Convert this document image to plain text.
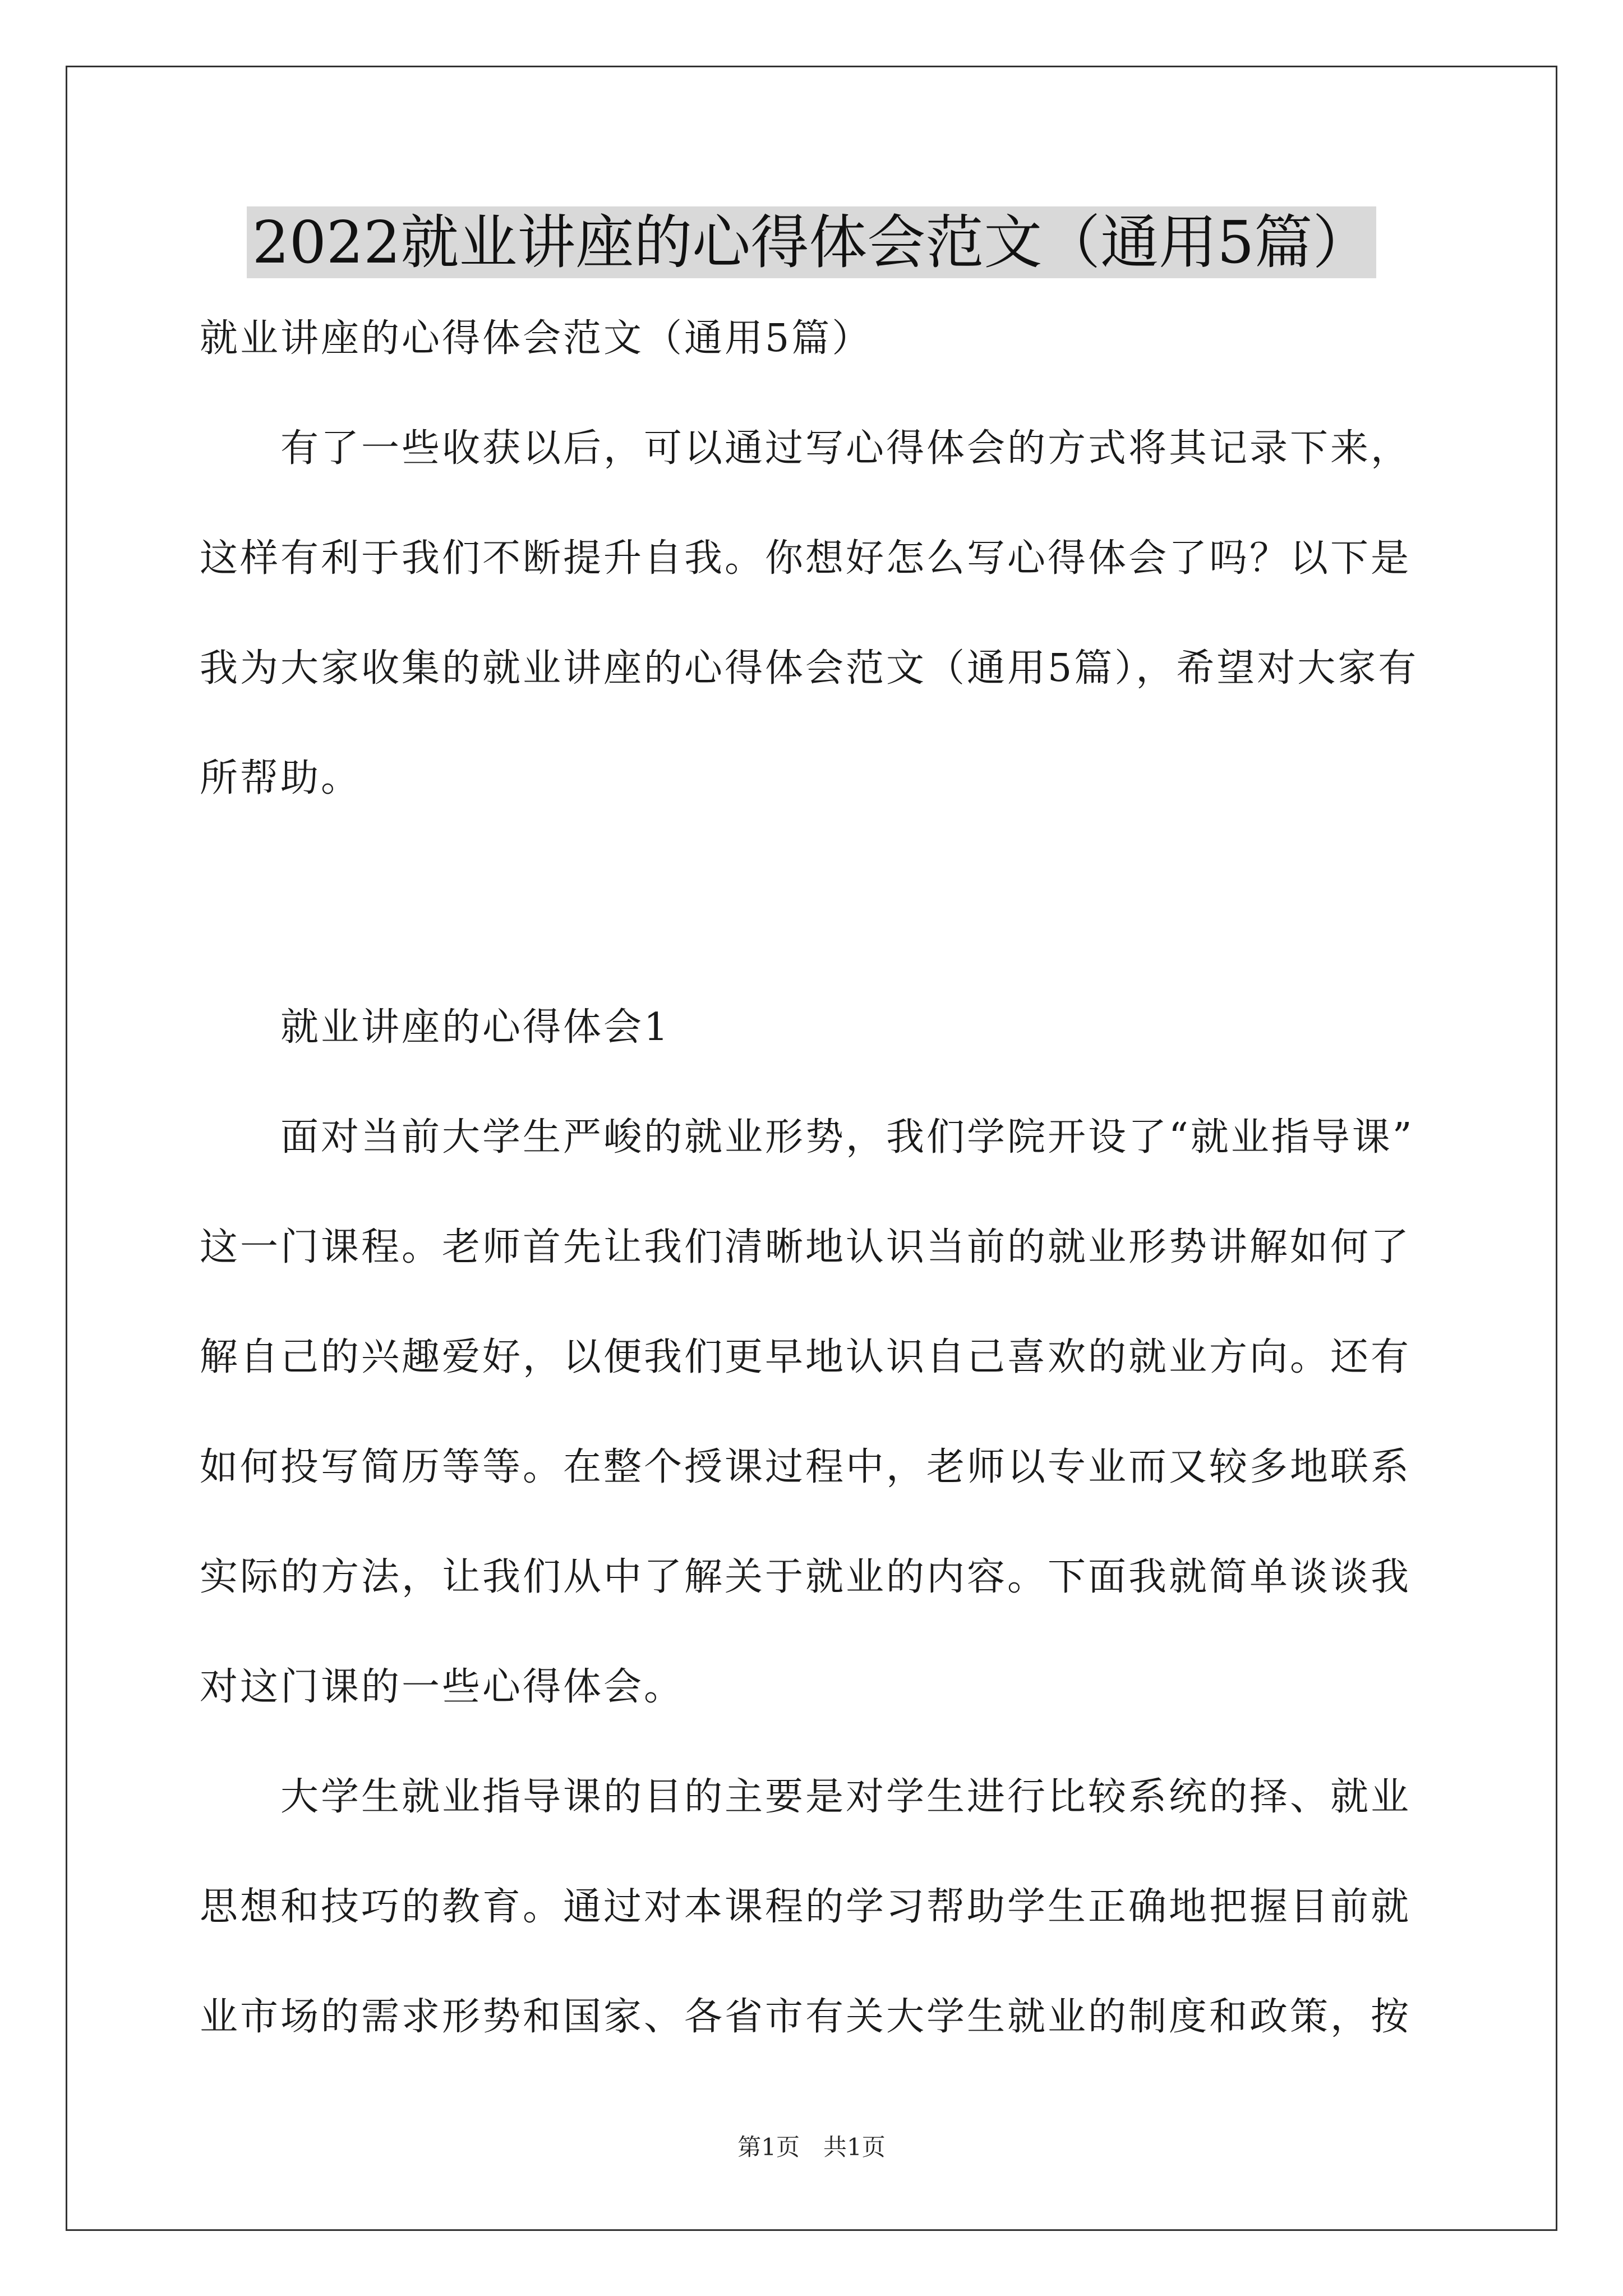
2022就业讲座的心得体会范文（通用5篇）
就业讲座的心得体会范文（通用5篇）
有了一些收获以后，可以通过写心得体会的方式将其记录下来，
这样有利于我们不断提升自我。你想好怎么写心得体会了吗？以下是
我为大家收集的就业讲座的心得体会范文（通用5篇），希望对大家有
所帮助。
就业讲座的心得体会1
面对当前大学生严峻的就业形势，我们学院开设了“就业指导课”
这一门课程。老师首先让我们清晰地认识当前的就业形势讲解如何了
解自己的兴趣爱好，以便我们更早地认识自己喜欢的就业方向。还有
如何投写简历等等。在整个授课过程中，老师以专业而又较多地联系
实际的方法，让我们从中了解关于就业的内容。下面我就简单谈谈我
对这门课的一些心得体会。
大学生就业指导课的目的主要是对学生进行比较系统的择、就业
思想和技巧的教育。通过对本课程的学习帮助学生正确地把握目前就
业市场的需求形势和国家、各省市有关大学生就业的制度和政策，按
第1页　共1页
